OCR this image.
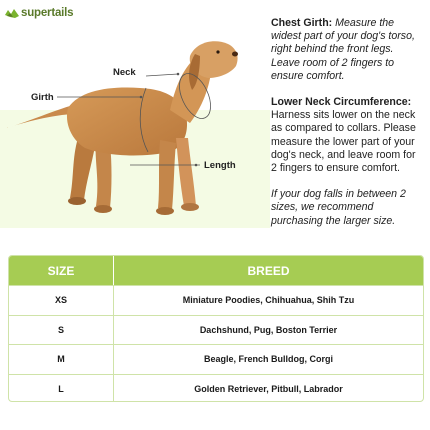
supertails
Neck
Girth
Length

Chest Girth: Measure the widest part of your dog's torso, right behind the front legs. Leave room of 2 fingers to ensure comfort.

Lower Neck Circumference:
Harness sits lower on the neck as compared to collars. Please measure the lower part of your dog's neck, and leave room for 2 fingers to ensure comfort.

If your dog falls in between 2 sizes, we recommend purchasing the larger size.

SIZE	BREED
XS	Miniature Poodies, Chihuahua, Shih Tzu
S	Dachshund, Pug, Boston Terrier
M	Beagle, French Bulldog, Corgi
L	Golden Retriever, Pitbull, Labrador
